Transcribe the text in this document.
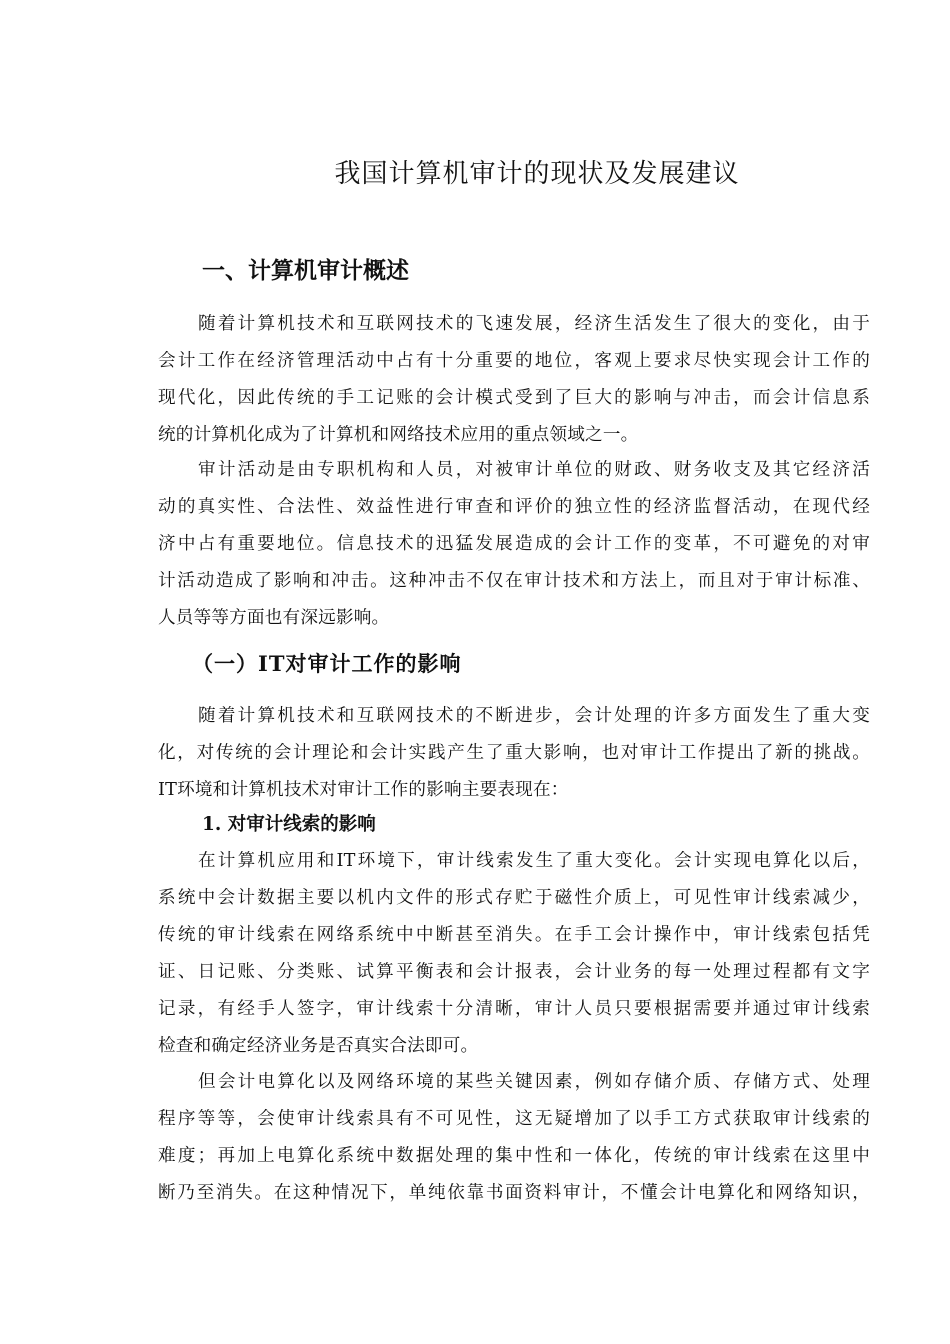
我国计算机审计的现状及发展建议
一、计算机审计概述
随着计算机技术和互联网技术的飞速发展，经济生活发生了很大的变化，由于
会计工作在经济管理活动中占有十分重要的地位，客观上要求尽快实现会计工作的
现代化，因此传统的手工记账的会计模式受到了巨大的影响与冲击，而会计信息系
统的计算机化成为了计算机和网络技术应用的重点领域之一。
审计活动是由专职机构和人员，对被审计单位的财政、财务收支及其它经济活
动的真实性、合法性、效益性进行审查和评价的独立性的经济监督活动，在现代经
济中占有重要地位。信息技术的迅猛发展造成的会计工作的变革，不可避免的对审
计活动造成了影响和冲击。这种冲击不仅在审计技术和方法上，而且对于审计标准、
人员等等方面也有深远影响。
（一）IT对审计工作的影响
随着计算机技术和互联网技术的不断进步，会计处理的许多方面发生了重大变
化，对传统的会计理论和会计实践产生了重大影响，也对审计工作提出了新的挑战。
IT环境和计算机技术对审计工作的影响主要表现在：
1. 对审计线索的影响
在计算机应用和IT环境下，审计线索发生了重大变化。会计实现电算化以后，
系统中会计数据主要以机内文件的形式存贮于磁性介质上，可见性审计线索减少，
传统的审计线索在网络系统中中断甚至消失。在手工会计操作中，审计线索包括凭
证、日记账、分类账、试算平衡表和会计报表，会计业务的每一处理过程都有文字
记录，有经手人签字，审计线索十分清晰，审计人员只要根据需要并通过审计线索
检查和确定经济业务是否真实合法即可。
但会计电算化以及网络环境的某些关键因素，例如存储介质、存储方式、处理
程序等等，会使审计线索具有不可见性，这无疑增加了以手工方式获取审计线索的
难度；再加上电算化系统中数据处理的集中性和一体化，传统的审计线索在这里中
断乃至消失。在这种情况下，单纯依靠书面资料审计，不懂会计电算化和网络知识，
